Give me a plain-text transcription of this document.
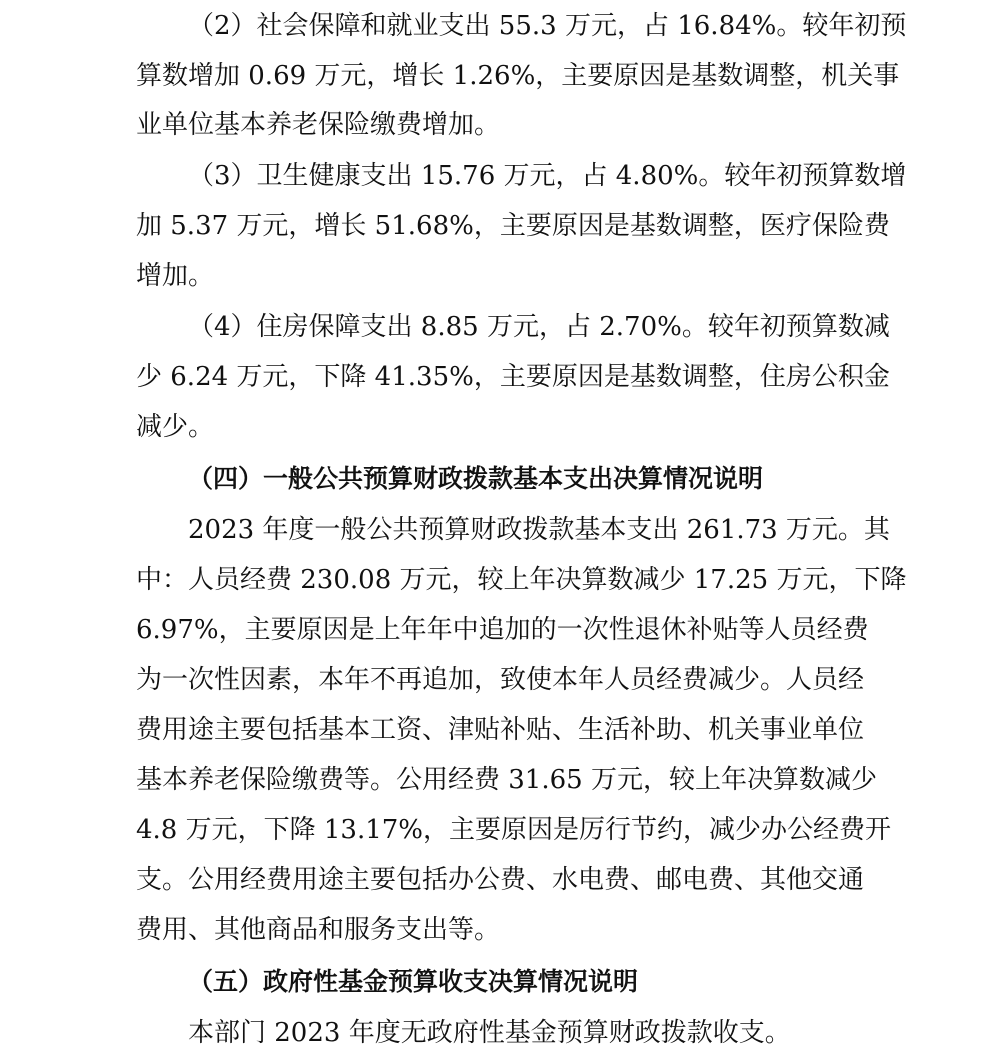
（2）社会保障和就业支出 55.3 万元，占 16.84%。较年初预
算数增加 0.69 万元，增长 1.26%，主要原因是基数调整，机关事
业单位基本养老保险缴费增加。
（3）卫生健康支出 15.76 万元，占 4.80%。较年初预算数增
加 5.37 万元，增长 51.68%，主要原因是基数调整，医疗保险费
增加。
（4）住房保障支出 8.85 万元，占 2.70%。较年初预算数减
少 6.24 万元，下降 41.35%，主要原因是基数调整，住房公积金
减少。
（四）一般公共预算财政拨款基本支出决算情况说明
2023 年度一般公共预算财政拨款基本支出 261.73 万元。其
中：人员经费 230.08 万元，较上年决算数减少 17.25 万元，下降
6.97%，主要原因是上年年中追加的一次性退休补贴等人员经费
为一次性因素，本年不再追加，致使本年人员经费减少。人员经
费用途主要包括基本工资、津贴补贴、生活补助、机关事业单位
基本养老保险缴费等。公用经费 31.65 万元，较上年决算数减少
4.8 万元，下降 13.17%，主要原因是厉行节约，减少办公经费开
支。公用经费用途主要包括办公费、水电费、邮电费、其他交通
费用、其他商品和服务支出等。
（五）政府性基金预算收支决算情况说明
本部门 2023 年度无政府性基金预算财政拨款收支。
